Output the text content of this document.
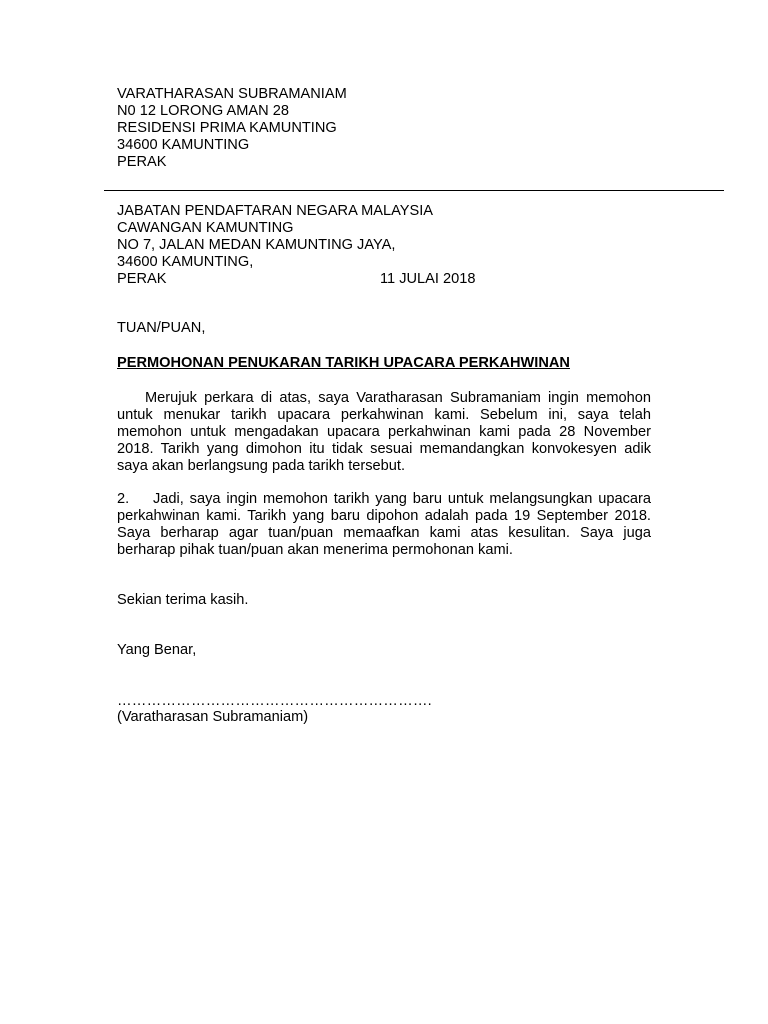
VARATHARASAN SUBRAMANIAM
N0 12 LORONG AMAN 28
RESIDENSI PRIMA KAMUNTING
34600 KAMUNTING
PERAK
JABATAN PENDAFTARAN NEGARA MALAYSIA
CAWANGAN KAMUNTING
NO 7, JALAN MEDAN KAMUNTING JAYA,
34600 KAMUNTING,
PERAK	11 JULAI 2018
TUAN/PUAN,
PERMOHONAN PENUKARAN TARIKH UPACARA PERKAHWINAN
Merujuk perkara di atas, saya Varatharasan Subramaniam ingin memohon untuk menukar tarikh upacara perkahwinan kami. Sebelum ini, saya telah memohon untuk mengadakan upacara perkahwinan kami pada 28 November 2018. Tarikh yang dimohon itu tidak sesuai memandangkan konvokesyen adik saya akan berlangsung pada tarikh tersebut.
2. Jadi, saya ingin memohon tarikh yang baru untuk melangsungkan upacara perkahwinan kami. Tarikh yang baru dipohon adalah pada 19 September 2018. Saya berharap agar tuan/puan memaafkan kami atas kesulitan. Saya juga berharap pihak tuan/puan akan menerima permohonan kami.
Sekian terima kasih.
Yang Benar,
……………………………………………………….
(Varatharasan Subramaniam)
